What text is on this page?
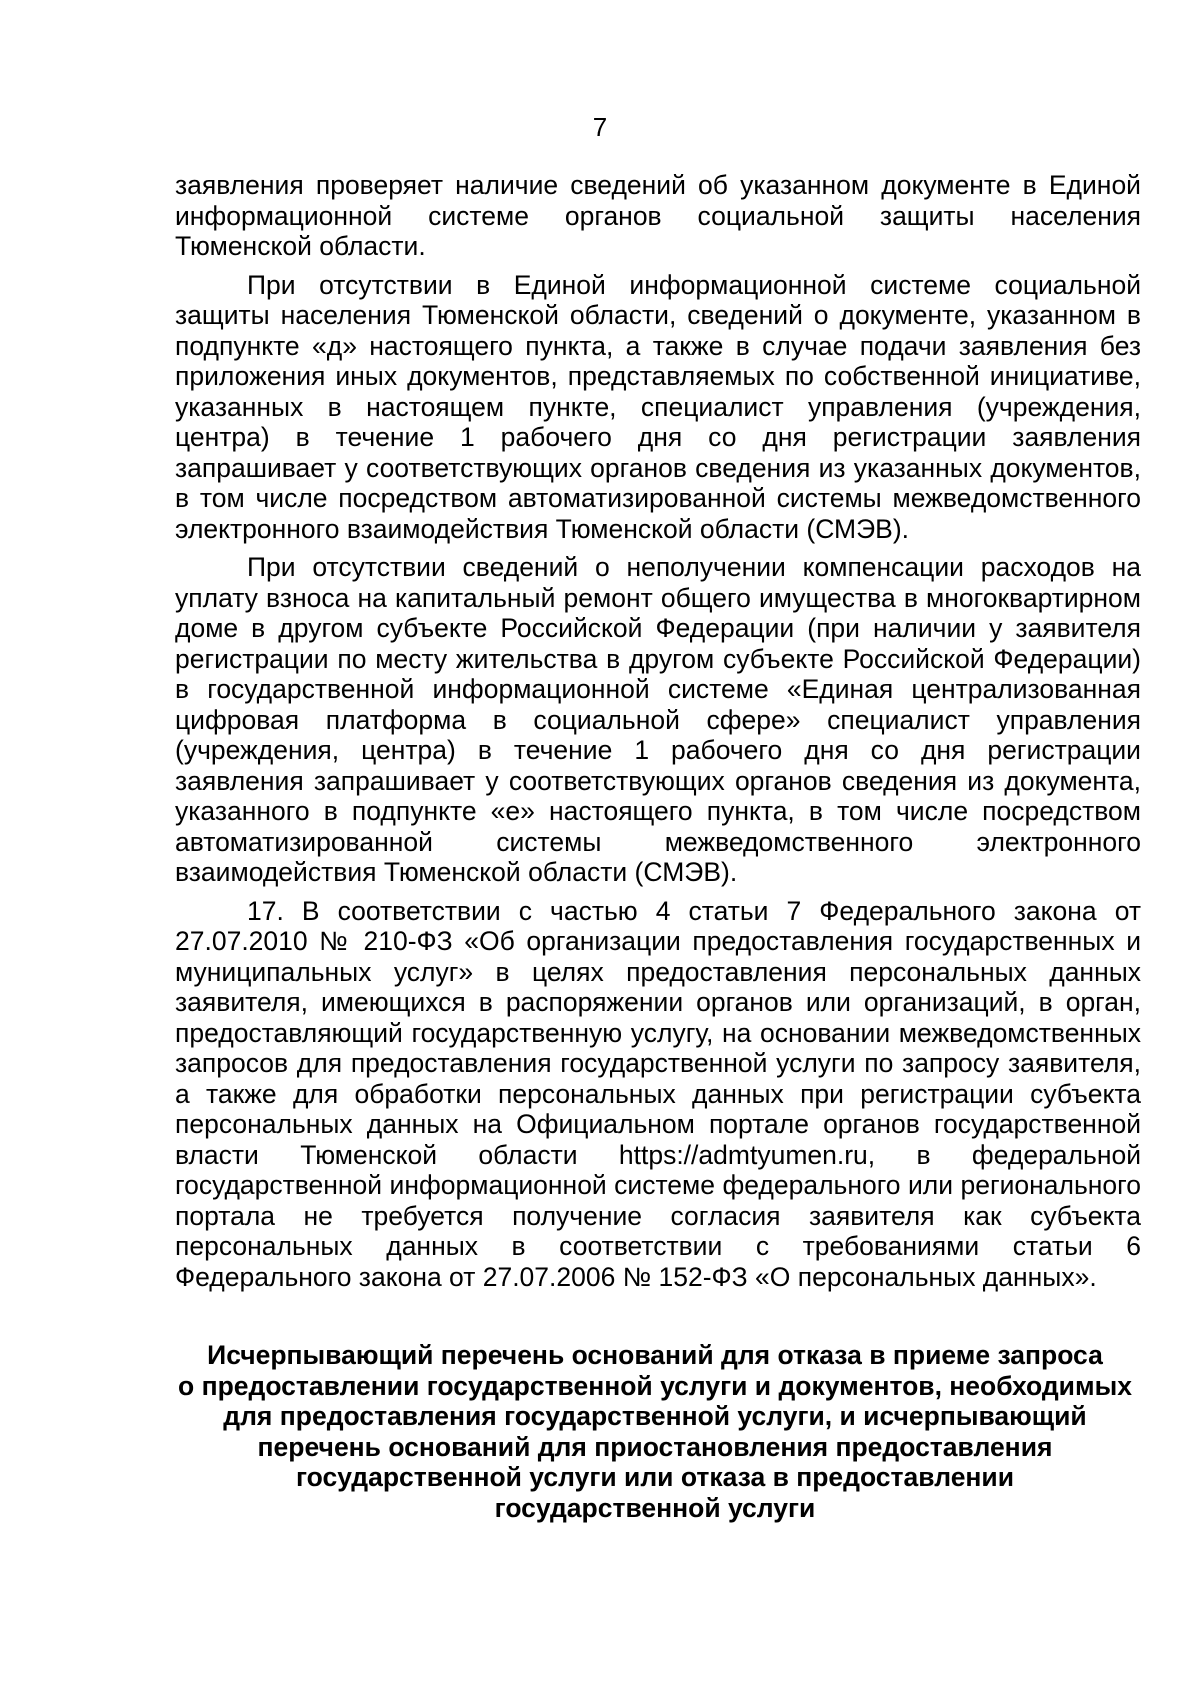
7

заявления проверяет наличие сведений об указанном документе в Единой информационной системе органов социальной защиты населения Тюменской области.

При отсутствии в Единой информационной системе социальной защиты населения Тюменской области, сведений о документе, указанном в подпункте «д» настоящего пункта, а также в случае подачи заявления без приложения иных документов, представляемых по собственной инициативе, указанных в настоящем пункте, специалист управления (учреждения, центра) в течение 1 рабочего дня со дня регистрации заявления запрашивает у соответствующих органов сведения из указанных документов, в том числе посредством автоматизированной системы межведомственного электронного взаимодействия Тюменской области (СМЭВ).

При отсутствии сведений о неполучении компенсации расходов на уплату взноса на капитальный ремонт общего имущества в многоквартирном доме в другом субъекте Российской Федерации (при наличии у заявителя регистрации по месту жительства в другом субъекте Российской Федерации) в государственной информационной системе «Единая централизованная цифровая платформа в социальной сфере» специалист управления (учреждения, центра) в течение 1 рабочего дня со дня регистрации заявления запрашивает у соответствующих органов сведения из документа, указанного в подпункте «е» настоящего пункта, в том числе посредством автоматизированной системы межведомственного электронного взаимодействия Тюменской области (СМЭВ).

17. В соответствии с частью 4 статьи 7 Федерального закона от 27.07.2010 № 210-ФЗ «Об организации предоставления государственных и муниципальных услуг» в целях предоставления персональных данных заявителя, имеющихся в распоряжении органов или организаций, в орган, предоставляющий государственную услугу, на основании межведомственных запросов для предоставления государственной услуги по запросу заявителя, а также для обработки персональных данных при регистрации субъекта персональных данных на Официальном портале органов государственной власти Тюменской области https://admtyumen.ru, в федеральной государственной информационной системе федерального или регионального портала не требуется получение согласия заявителя как субъекта персональных данных в соответствии с требованиями статьи 6 Федерального закона от 27.07.2006 № 152-ФЗ «О персональных данных».

Исчерпывающий перечень оснований для отказа в приеме запроса
о предоставлении государственной услуги и документов, необходимых
для предоставления государственной услуги, и исчерпывающий
перечень оснований для приостановления предоставления
государственной услуги или отказа в предоставлении
государственной услуги
